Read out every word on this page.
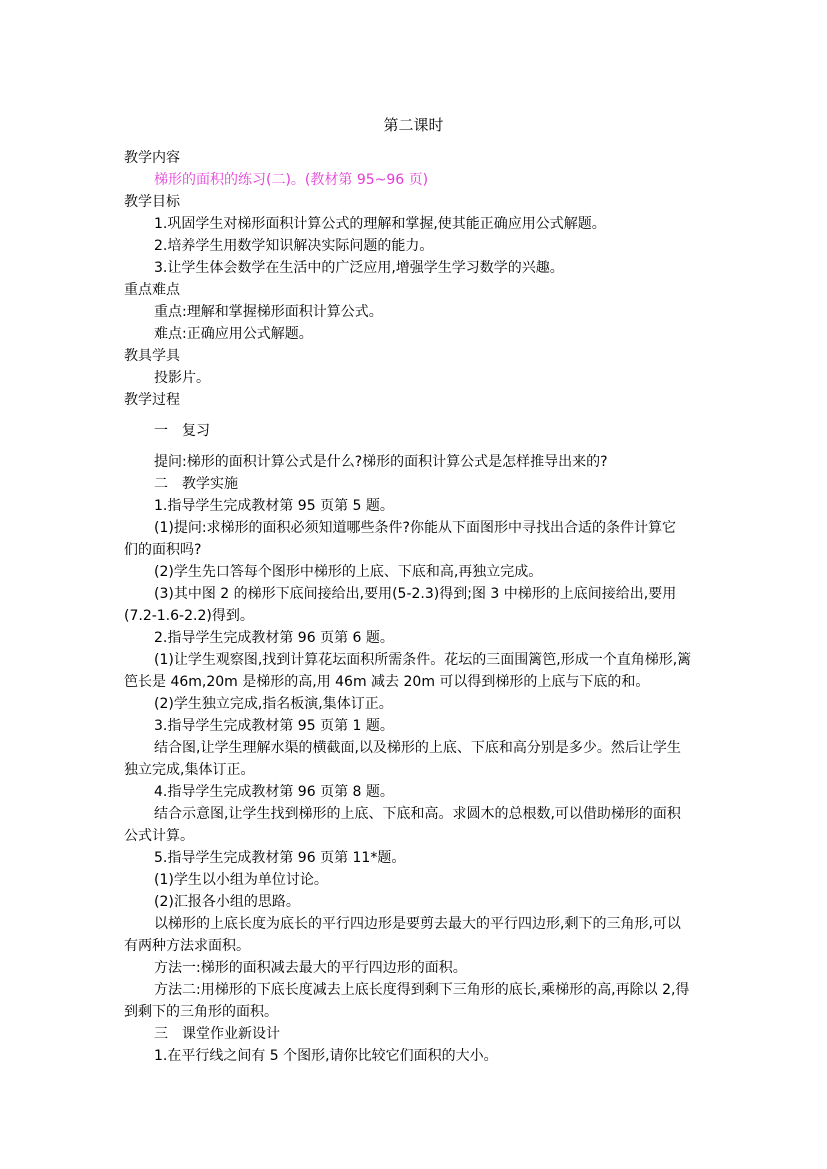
第二课时
教学内容
梯形的面积的练习(二)。(教材第 95~96 页)
教学目标
1.巩固学生对梯形面积计算公式的理解和掌握,使其能正确应用公式解题。
2.培养学生用数学知识解决实际问题的能力。
3.让学生体会数学在生活中的广泛应用,增强学生学习数学的兴趣。
重点难点
重点:理解和掌握梯形面积计算公式。
难点:正确应用公式解题。
教具学具
投影片。
教学过程
一　复习
提问:梯形的面积计算公式是什么?梯形的面积计算公式是怎样推导出来的?
二　教学实施
1.指导学生完成教材第 95 页第 5 题。
(1)提问:求梯形的面积必须知道哪些条件?你能从下面图形中寻找出合适的条件计算它
们的面积吗?
(2)学生先口答每个图形中梯形的上底、下底和高,再独立完成。
(3)其中图 2 的梯形下底间接给出,要用(5-2.3)得到;图 3 中梯形的上底间接给出,要用
(7.2-1.6-2.2)得到。
2.指导学生完成教材第 96 页第 6 题。
(1)让学生观察图,找到计算花坛面积所需条件。花坛的三面围篱笆,形成一个直角梯形,篱
笆长是 46m,20m 是梯形的高,用 46m 减去 20m 可以得到梯形的上底与下底的和。
(2)学生独立完成,指名板演,集体订正。
3.指导学生完成教材第 95 页第 1 题。
结合图,让学生理解水渠的横截面,以及梯形的上底、下底和高分别是多少。然后让学生
独立完成,集体订正。
4.指导学生完成教材第 96 页第 8 题。
结合示意图,让学生找到梯形的上底、下底和高。求圆木的总根数,可以借助梯形的面积
公式计算。
5.指导学生完成教材第 96 页第 11*题。
(1)学生以小组为单位讨论。
(2)汇报各小组的思路。
以梯形的上底长度为底长的平行四边形是要剪去最大的平行四边形,剩下的三角形,可以
有两种方法求面积。
方法一:梯形的面积减去最大的平行四边形的面积。
方法二:用梯形的下底长度减去上底长度得到剩下三角形的底长,乘梯形的高,再除以 2,得
到剩下的三角形的面积。
三　课堂作业新设计
1.在平行线之间有 5 个图形,请你比较它们面积的大小。
